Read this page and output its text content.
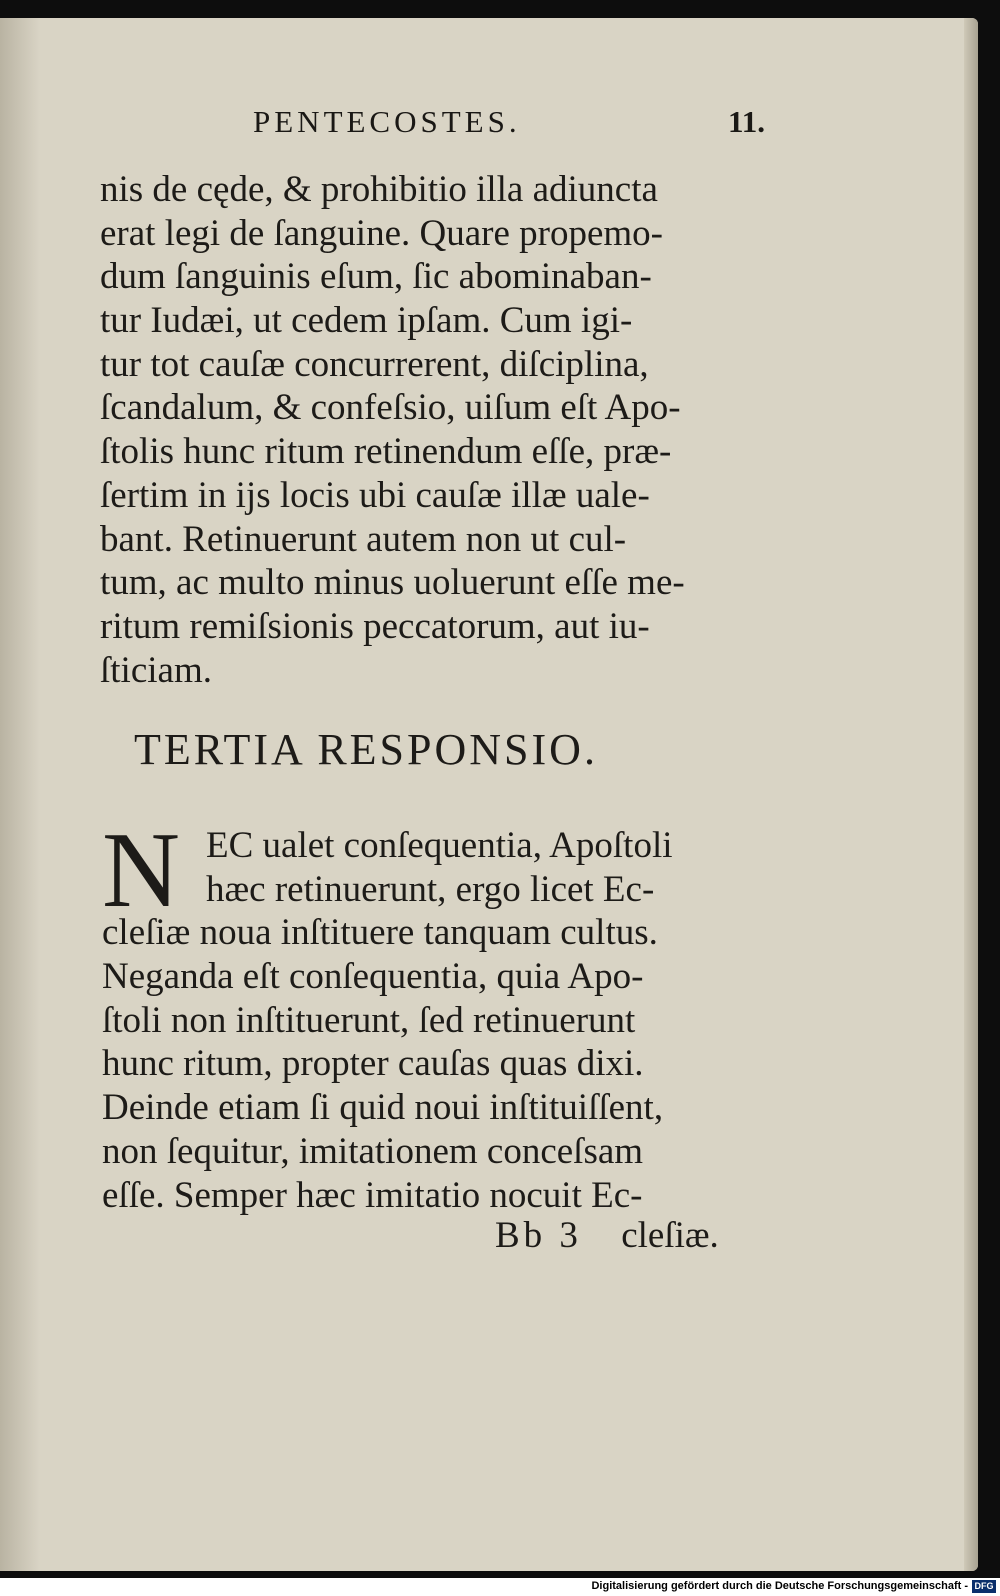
PENTECOSTES.	11.
nis de cęde, & prohibitio illa adiuncta
erat legi de ſanguine. Quare propemo-
dum ſanguinis eſum, ſic abominaban-
tur Iudæi, ut cedem ipſam. Cum igi-
tur tot cauſæ concurrerent, diſciplina,
ſcandalum, & confeſsio, uiſum eſt Apo-
ſtolis hunc ritum retinendum eſſe, præ-
ſertim in ijs locis ubi cauſæ illæ uale-
bant. Retinuerunt autem non ut cul-
tum, ac multo minus uoluerunt eſſe me-
ritum remiſsionis peccatorum, aut iu-
ſticiam.
TERTIA RESPONSIO.
N EC ualet conſequentia, Apoſtoli
hæc retinuerunt, ergo licet Ec-
cleſiæ noua inſtituere tanquam cultus.
Neganda eſt conſequentia, quia Apo-
ſtoli non inſtituerunt, ſed retinuerunt
hunc ritum, propter cauſas quas dixi.
Deinde etiam ſi quid noui inſtituiſſent,
non ſequitur, imitationem conceſsam
eſſe. Semper hæc imitatio nocuit Ec-
Bb 3 cleſiæ.
Digitalisierung gefördert durch die Deutsche Forschungsgemeinschaft - DFG
